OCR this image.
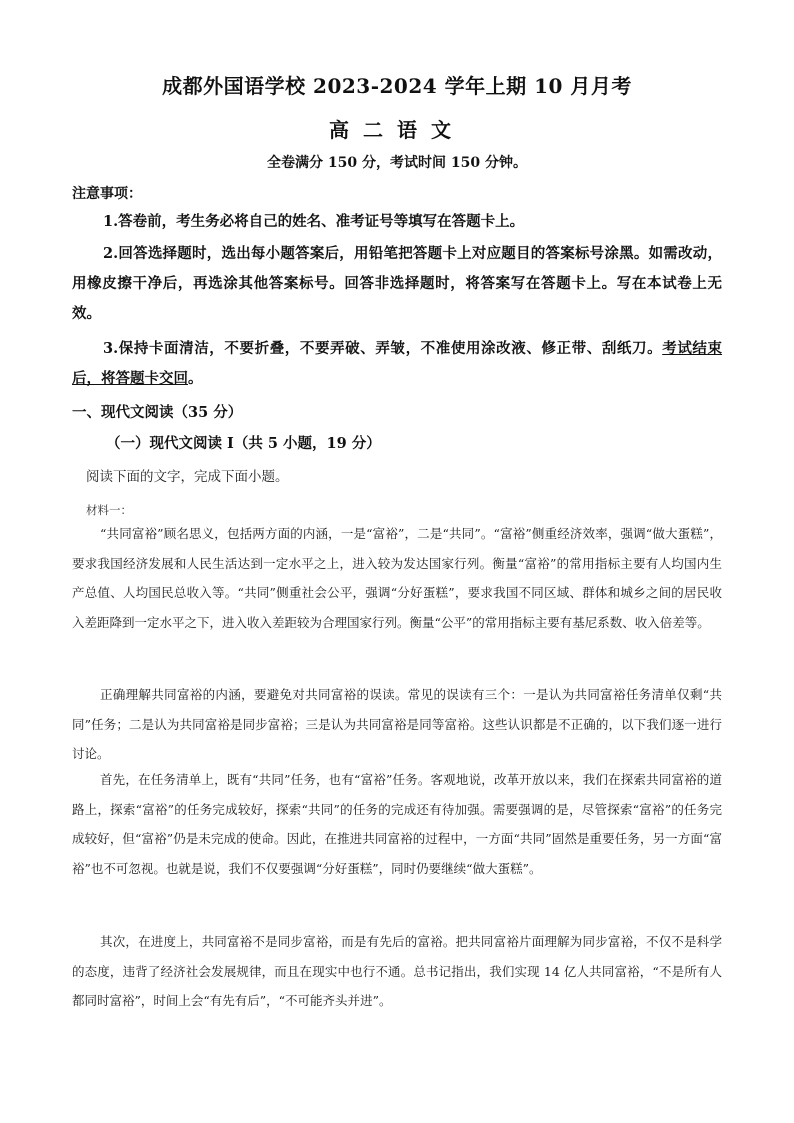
成都外国语学校 2023-2024 学年上期 10 月月考
高二语文
全卷满分 150 分，考试时间 150 分钟。
注意事项：
1.答卷前，考生务必将自己的姓名、准考证号等填写在答题卡上。
2.回答选择题时，选出每小题答案后，用铅笔把答题卡上对应题目的答案标号涂黑。如需改动，用橡皮擦干净后，再选涂其他答案标号。回答非选择题时，将答案写在答题卡上。写在本试卷上无效。
3.保持卡面清洁，不要折叠，不要弄破、弄皱，不准使用涂改液、修正带、刮纸刀。考试结束后，将答题卡交回。
一、现代文阅读（35 分）
（一）现代文阅读 I（共 5 小题，19 分）
阅读下面的文字，完成下面小题。
材料一：
“共同富裕”顾名思义，包括两方面的内涵，一是“富裕”，二是“共同”。“富裕”侧重经济效率，强调“做大蛋糕”，要求我国经济发展和人民生活达到一定水平之上，进入较为发达国家行列。衡量“富裕”的常用指标主要有人均国内生产总值、人均国民总收入等。“共同”侧重社会公平，强调“分好蛋糕”，要求我国不同区域、群体和城乡之间的居民收入差距降到一定水平之下，进入收入差距较为合理国家行列。衡量“公平”的常用指标主要有基尼系数、收入倍差等。
正确理解共同富裕的内涵，要避免对共同富裕的误读。常见的误读有三个：一是认为共同富裕任务清单仅剩“共同”任务；二是认为共同富裕是同步富裕；三是认为共同富裕是同等富裕。这些认识都是不正确的，以下我们逐一进行讨论。
首先，在任务清单上，既有“共同”任务，也有“富裕”任务。客观地说，改革开放以来，我们在探索共同富裕的道路上，探索“富裕”的任务完成较好，探索“共同”的任务的完成还有待加强。需要强调的是，尽管探索“富裕”的任务完成较好，但“富裕”仍是未完成的使命。因此，在推进共同富裕的过程中，一方面“共同”固然是重要任务，另一方面“富裕”也不可忽视。也就是说，我们不仅要强调“分好蛋糕”，同时仍要继续“做大蛋糕”。
其次，在进度上，共同富裕不是同步富裕，而是有先后的富裕。把共同富裕片面理解为同步富裕，不仅不是科学的态度，违背了经济社会发展规律，而且在现实中也行不通。总书记指出，我们实现 14 亿人共同富裕，“不是所有人都同时富裕”，时间上会“有先有后”，“不可能齐头并进”。
